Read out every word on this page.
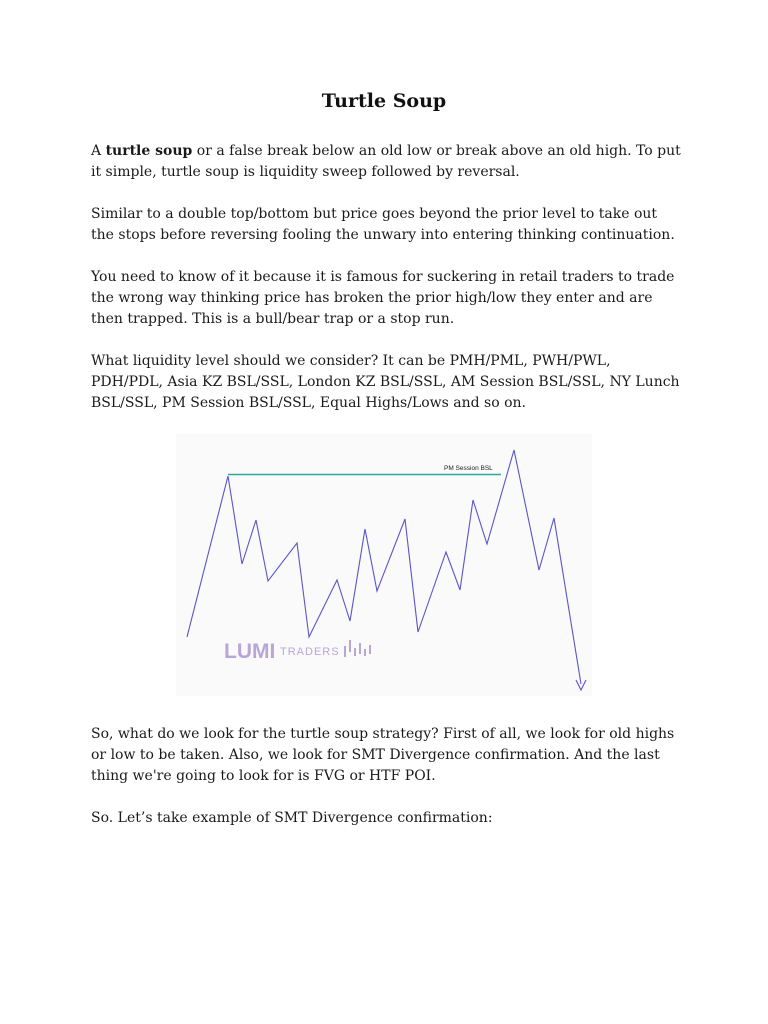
Turtle Soup

A turtle soup or a false break below an old low or break above an old high. To put it simple, turtle soup is liquidity sweep followed by reversal.

Similar to a double top/bottom but price goes beyond the prior level to take out the stops before reversing fooling the unwary into entering thinking continuation.

You need to know of it because it is famous for suckering in retail traders to trade the wrong way thinking price has broken the prior high/low they enter and are then trapped. This is a bull/bear trap or a stop run.

What liquidity level should we consider? It can be PMH/PML, PWH/PWL, PDH/PDL, Asia KZ BSL/SSL, London KZ BSL/SSL, AM Session BSL/SSL, NY Lunch BSL/SSL, PM Session BSL/SSL, Equal Highs/Lows and so on.

LUMI TRADERS
PM Session BSL

So, what do we look for the turtle soup strategy? First of all, we look for old highs or low to be taken. Also, we look for SMT Divergence confirmation. And the last thing we're going to look for is FVG or HTF POI.

So. Let’s take example of SMT Divergence confirmation:
